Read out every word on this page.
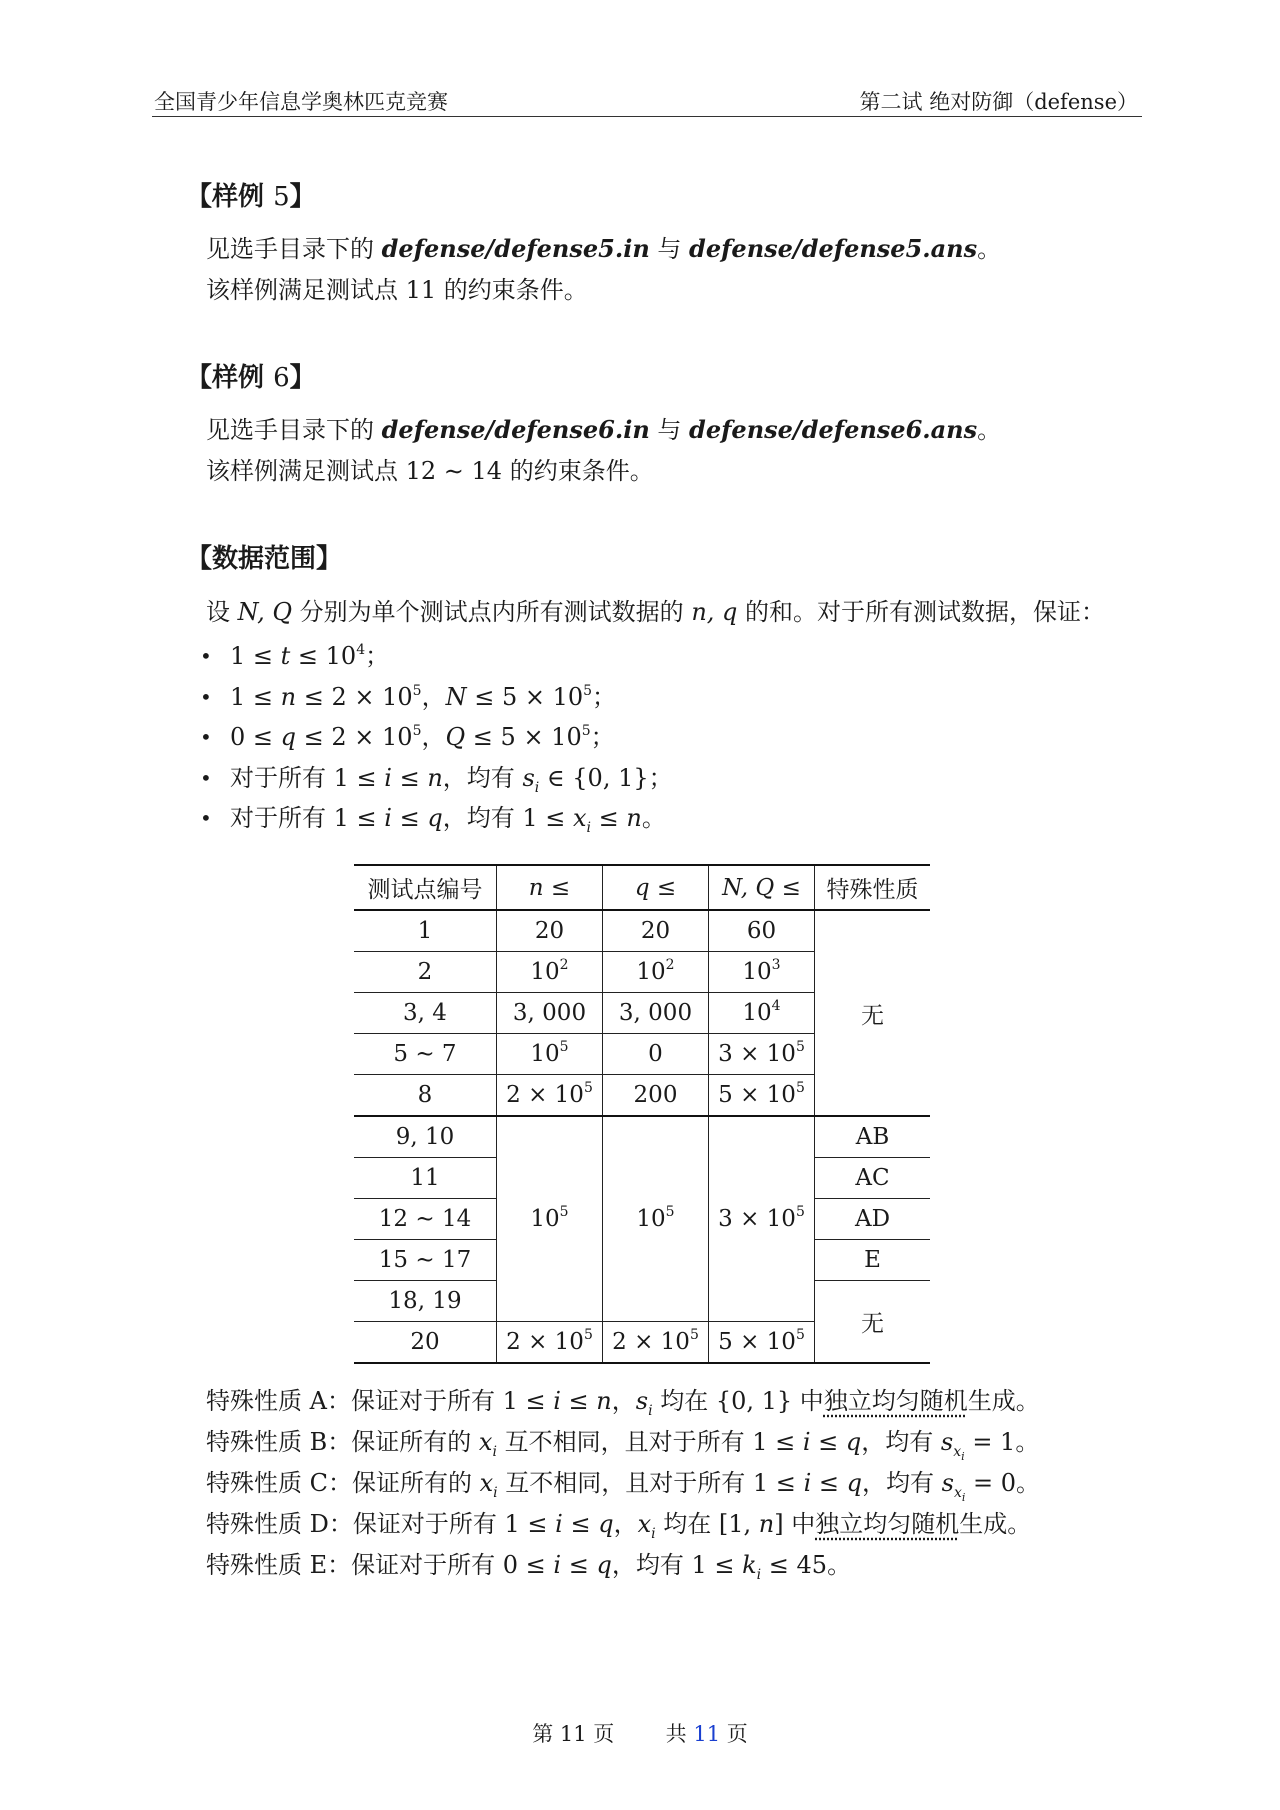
全国青少年信息学奥林匹克竞赛	第二试 绝对防御（defense）
【样例 5】
见选手目录下的 defense/defense5.in 与 defense/defense5.ans。
该样例满足测试点 11 的约束条件。
【样例 6】
见选手目录下的 defense/defense6.in 与 defense/defense6.ans。
该样例满足测试点 12 ∼ 14 的约束条件。
【数据范围】
设 N, Q 分别为单个测试点内所有测试数据的 n, q 的和。对于所有测试数据，保证：
• $1 \le t \le 10^4$；
• $1 \le n \le 2 \times 10^5$，$N \le 5 \times 10^5$；
• $0 \le q \le 2 \times 10^5$，$Q \le 5 \times 10^5$；
• 对于所有 1 ≤ i ≤ n，均有 $s_i$ ∈ {0, 1}；
• 对于所有 1 ≤ i ≤ q，均有 $1 \le x_i \le n$。
测试点编号	n ≤	q ≤	N, Q ≤	特殊性质
1	20	20	60	无
2	$10^2$	$10^2$	$10^3$
3, 4	3, 000	3, 000	$10^4$
5 ∼ 7	$10^5$	0	$3 \times 10^5$
8	$2 \times 10^5$	200	$5 \times 10^5$
9, 10	$10^5$	$10^5$	$3 \times 10^5$	AB
11				AC
12 ∼ 14				AD
15 ∼ 17				E
18, 19				无
20	$2 \times 10^5$	$2 \times 10^5$	$5 \times 10^5$
特殊性质 A：保证对于所有 1 ≤ i ≤ n，$s_i$ 均在 {0, 1} 中独立均匀随机生成。
特殊性质 B：保证所有的 $x_i$ 互不相同，且对于所有 1 ≤ i ≤ q，均有 $s_{x_i} = 1$。
特殊性质 C：保证所有的 $x_i$ 互不相同，且对于所有 1 ≤ i ≤ q，均有 $s_{x_i} = 0$。
特殊性质 D：保证对于所有 1 ≤ i ≤ q，$x_i$ 均在 [1, n] 中独立均匀随机生成。
特殊性质 E：保证对于所有 0 ≤ i ≤ q，均有 $1 \le k_i \le 45$。
第 11 页 共 11 页
